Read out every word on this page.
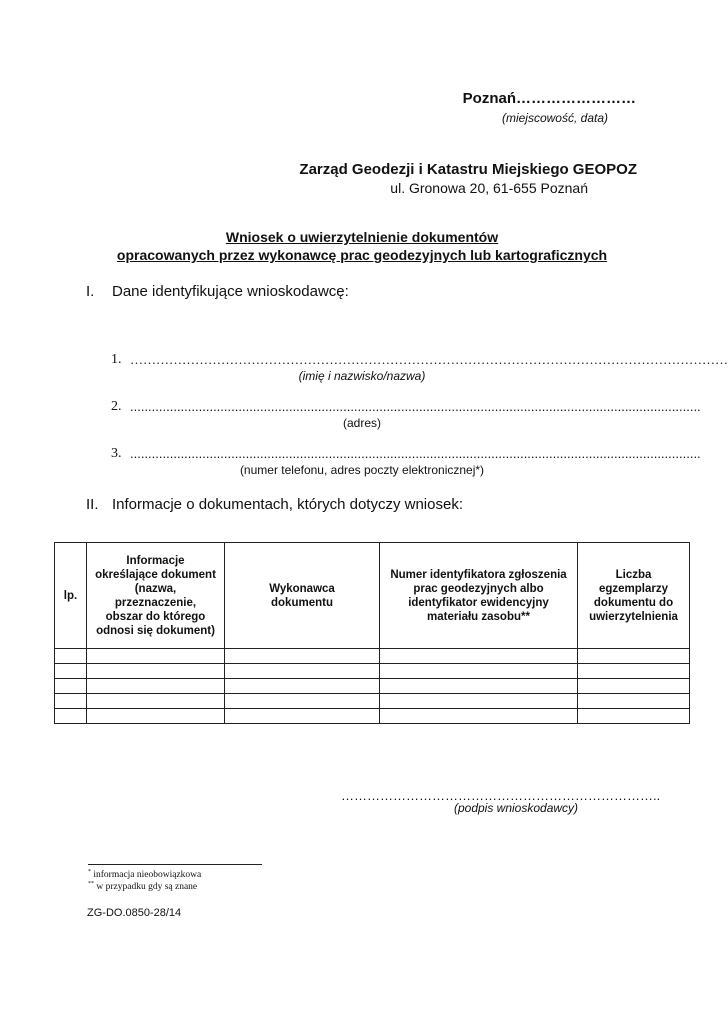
Poznań……………………
(miejscowość, data)
Zarząd Geodezji i Katastru Miejskiego GEOPOZ
ul. Gronowa 20, 61-655 Poznań
Wniosek o uwierzytelnienie dokumentów
opracowanych przez wykonawcę prac geodezyjnych lub kartograficznych
I. Dane identyfikujące wnioskodawcę:
1. …………………………………………………………………………………………………………………………
(imię i nazwisko/nazwa)
2. ..............................................................................................................................................................
(adres)
3. ..............................................................................................................................................................
(numer telefonu, adres poczty elektronicznej*)
II. Informacje o dokumentach, których dotyczy wniosek:
lp.	Informacje określające dokument (nazwa, przeznaczenie, obszar do którego odnosi się dokument)	Wykonawca dokumentu	Numer identyfikatora zgłoszenia prac geodezyjnych albo identyfikator ewidencyjny materiału zasobu**	Liczba egzemplarzy dokumentu do uwierzytelnienia

………………………………………………………………..
(podpis wnioskodawcy)
* informacja nieobowiązkowa
** w przypadku gdy są znane
ZG-DO.0850-28/14
